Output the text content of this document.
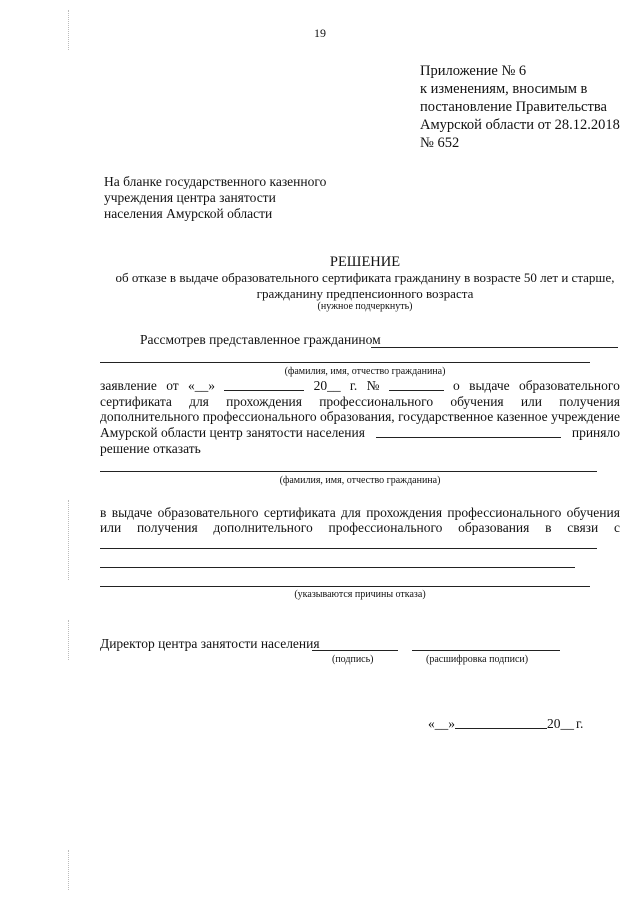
19
Приложение № 6
к изменениям, вносимым в
постановление Правительства
Амурской области от 28.12.2018
№ 652
На бланке государственного казенного
учреждения центра занятости
населения Амурской области
РЕШЕНИЕ
об отказе в выдаче образовательного сертификата гражданину в возрасте 50 лет и старше, гражданину предпенсионного возраста
(нужное подчеркнуть)
Рассмотрев представленное гражданином
(фамилия, имя, отчество гражданина)
заявление от «__»	20__ г. №	о выдаче образовательного
сертификата для прохождения профессионального обучения или получения
дополнительного профессионального образования, государственное казенное учреждение
Амурской области центр занятости населения	приняло
решение отказать
(фамилия, имя, отчество гражданина)
в выдаче образовательного сертификата для прохождения профессионального обучения
или получения дополнительного профессионального образования в связи с
(указываются причины отказа)
Директор центра занятости населения
(подпись)	(расшифровка подписи)
«__»	20__ г.
